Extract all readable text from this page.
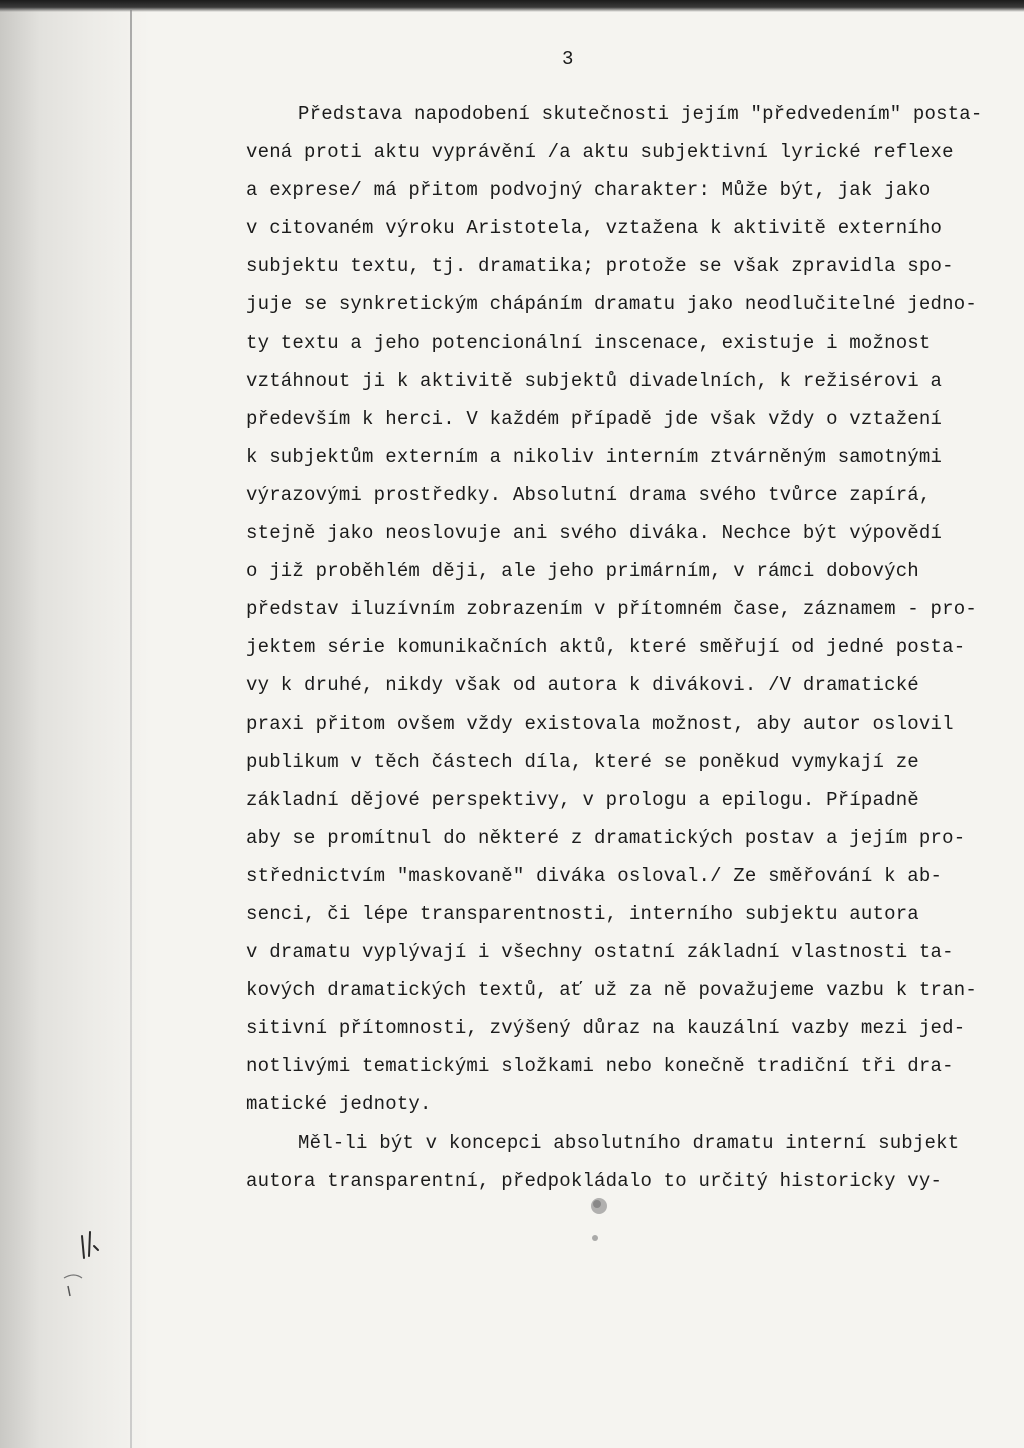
3
Představa napodobení skutečnosti jejím "předvedením" posta-
vená proti aktu vyprávění /a aktu subjektivní lyrické reflexe
a exprese/ má přitom podvojný charakter: Může být, jak jako
v citovaném výroku Aristotela, vztažena k aktivitě externího
subjektu textu, tj. dramatika; protože se však zpravidla spo-
juje se synkretickým chápáním dramatu jako neodlučitelné jedno-
ty textu a jeho potencionální inscenace, existuje i možnost
vztáhnout ji k aktivitě subjektů divadelních, k režisérovi a
především k herci. V každém případě jde však vždy o vztažení
k subjektům externím a nikoliv interním ztvárněným samotnými
výrazovými prostředky. Absolutní drama svého tvůrce zapírá,
stejně jako neoslovuje ani svého diváka. Nechce být výpovědí
o již proběhlém ději, ale jeho primárním, v rámci dobových
představ iluzívním zobrazením v přítomném čase, záznamem - pro-
jektem série komunikačních aktů, které směřují od jedné posta-
vy k druhé, nikdy však od autora k divákovi. /V dramatické
praxi přitom ovšem vždy existovala možnost, aby autor oslovil
publikum v těch částech díla, které se poněkud vymykají ze
základní dějové perspektivy, v prologu a epilogu. Případně
aby se promítnul do některé z dramatických postav a jejím pro-
střednictvím "maskovaně" diváka osloval./ Ze směřování k ab-
senci, či lépe transparentnosti, interního subjektu autora
v dramatu vyplývají i všechny ostatní základní vlastnosti ta-
kových dramatických textů, ať už za ně považujeme vazbu k tran-
sitivní přítomnosti, zvýšený důraz na kauzální vazby mezi jed-
notlivými tematickými složkami nebo konečně tradiční tři dra-
matické jednoty.
Měl-li být v koncepci absolutního dramatu interní subjekt
autora transparentní, předpokládalo to určitý historicky vy-
